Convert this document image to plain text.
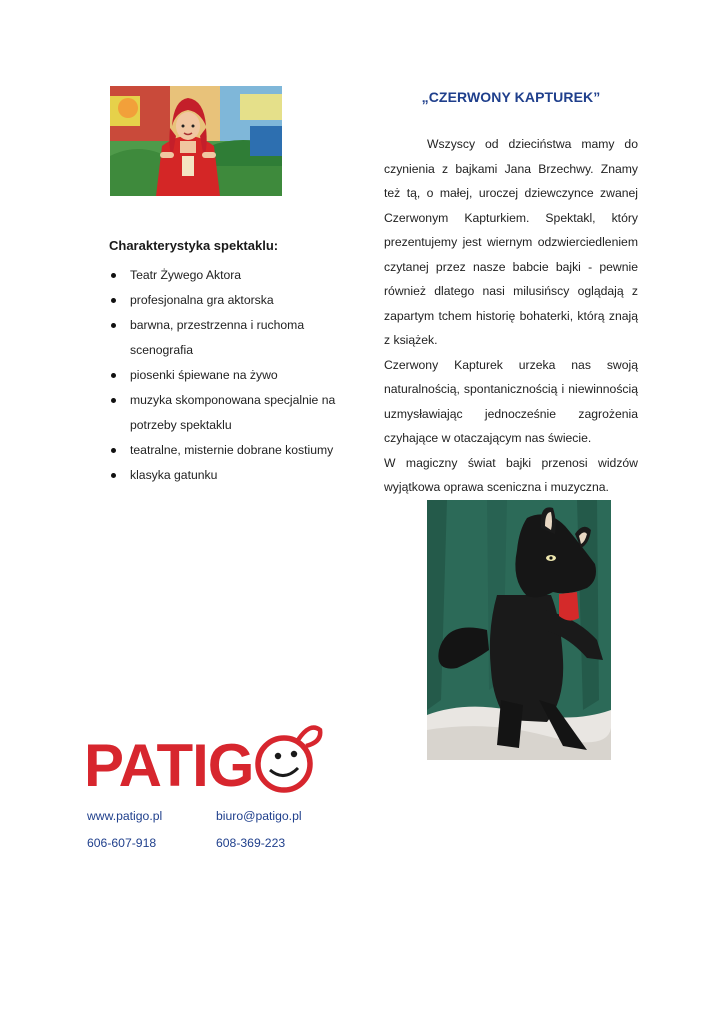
„CZERWONY KAPTUREK”

Wszyscy od dzieciństwa mamy do czynienia z bajkami Jana Brzechwy. Znamy też tą, o małej, uroczej dziewczynce zwanej Czerwonym Kapturkiem. Spektakl, który prezentujemy jest wiernym odzwierciedleniem czytanej przez nasze babcie bajki - pewnie również dlatego nasi milusińscy oglądają z zapartym tchem historię bohaterki, którą znają z książek.

Czerwony Kapturek urzeka nas swoją naturalnością, spontanicznością i niewinnością uzmysławiając jednocześnie zagrożenia czyhające w otaczającym nas świecie.

W magiczny świat bajki przenosi widzów wyjątkowa oprawa sceniczna i muzyczna.

Charakterystyka spektaklu:
Teatr Żywego Aktora
profesjonalna gra aktorska
barwna, przestrzenna i ruchoma scenografia
piosenki śpiewane na żywo
muzyka skomponowana specjalnie na potrzeby spektaklu
teatralne, misternie dobrane kostiumy
klasyka gatunku
PATIG
www.patigo.pl	biuro@patigo.pl
606-607-918	608-369-223
